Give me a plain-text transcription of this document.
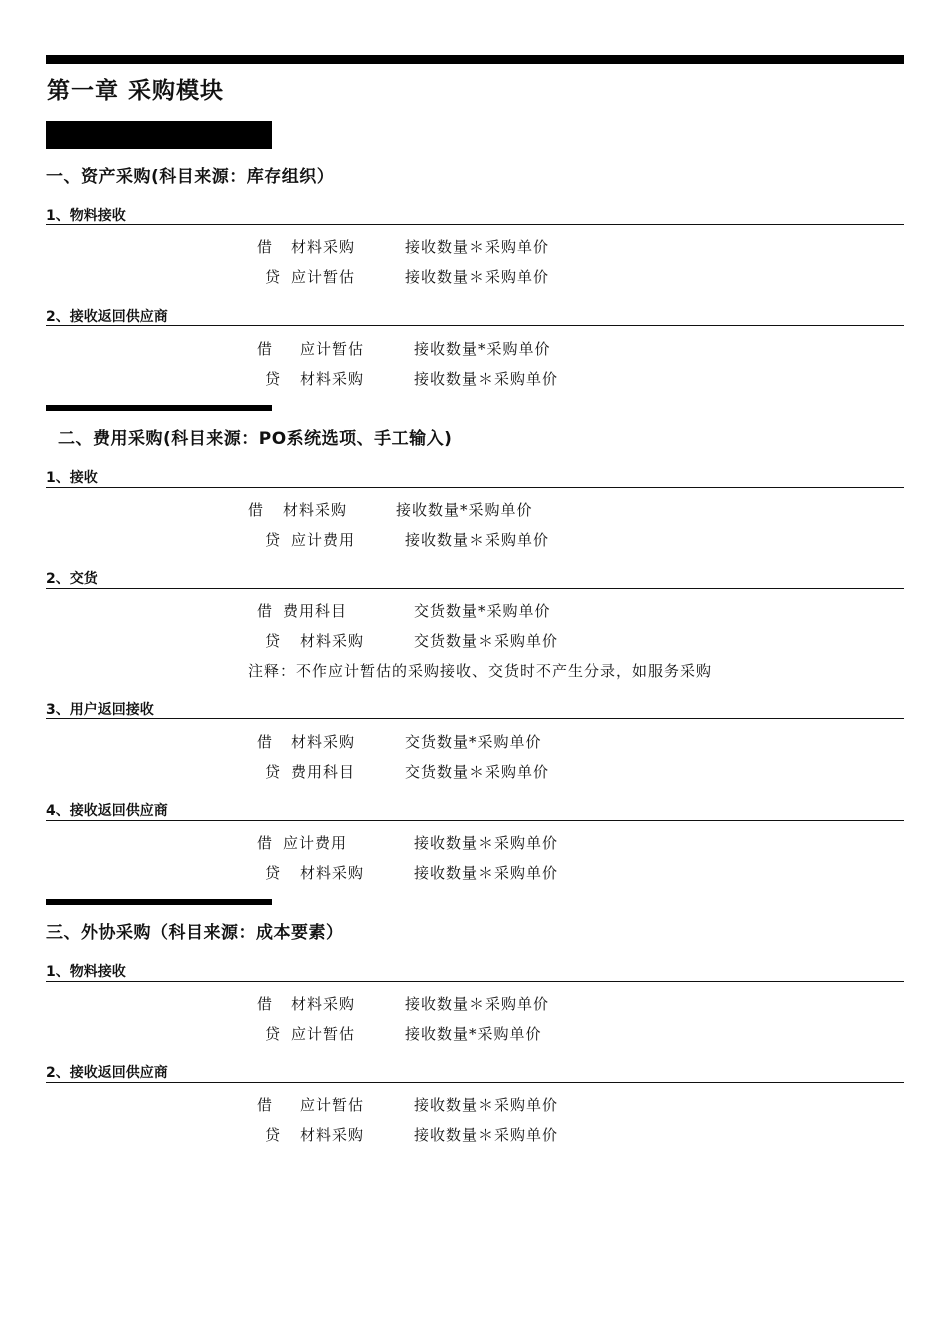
第一章 采购模块
一、资产采购(科目来源：库存组织）
1、物料接收
借 材料采购	接收数量＊采购单价
贷 应计暂估	接收数量＊采购单价
2、接收返回供应商
借 应计暂估	接收数量*采购单价
贷 材料采购	接收数量＊采购单价
二、费用采购(科目来源：PO系统选项、手工输入)
1、接收
借 材料采购	接收数量*采购单价
贷 应计费用	接收数量＊采购单价
2、交货
借 费用科目	交货数量*采购单价
贷 材料采购	交货数量＊采购单价
注释：不作应计暂估的采购接收、交货时不产生分录，如服务采购
3、用户返回接收
借 材料采购	交货数量*采购单价
贷 费用科目	交货数量＊采购单价
4、接收返回供应商
借 应计费用	接收数量＊采购单价
贷 材料采购	接收数量＊采购单价
三、外协采购（科目来源：成本要素）
1、物料接收
借 材料采购	接收数量＊采购单价
贷 应计暂估	接收数量*采购单价
2、接收返回供应商
借 应计暂估	接收数量＊采购单价
贷 材料采购	接收数量＊采购单价
